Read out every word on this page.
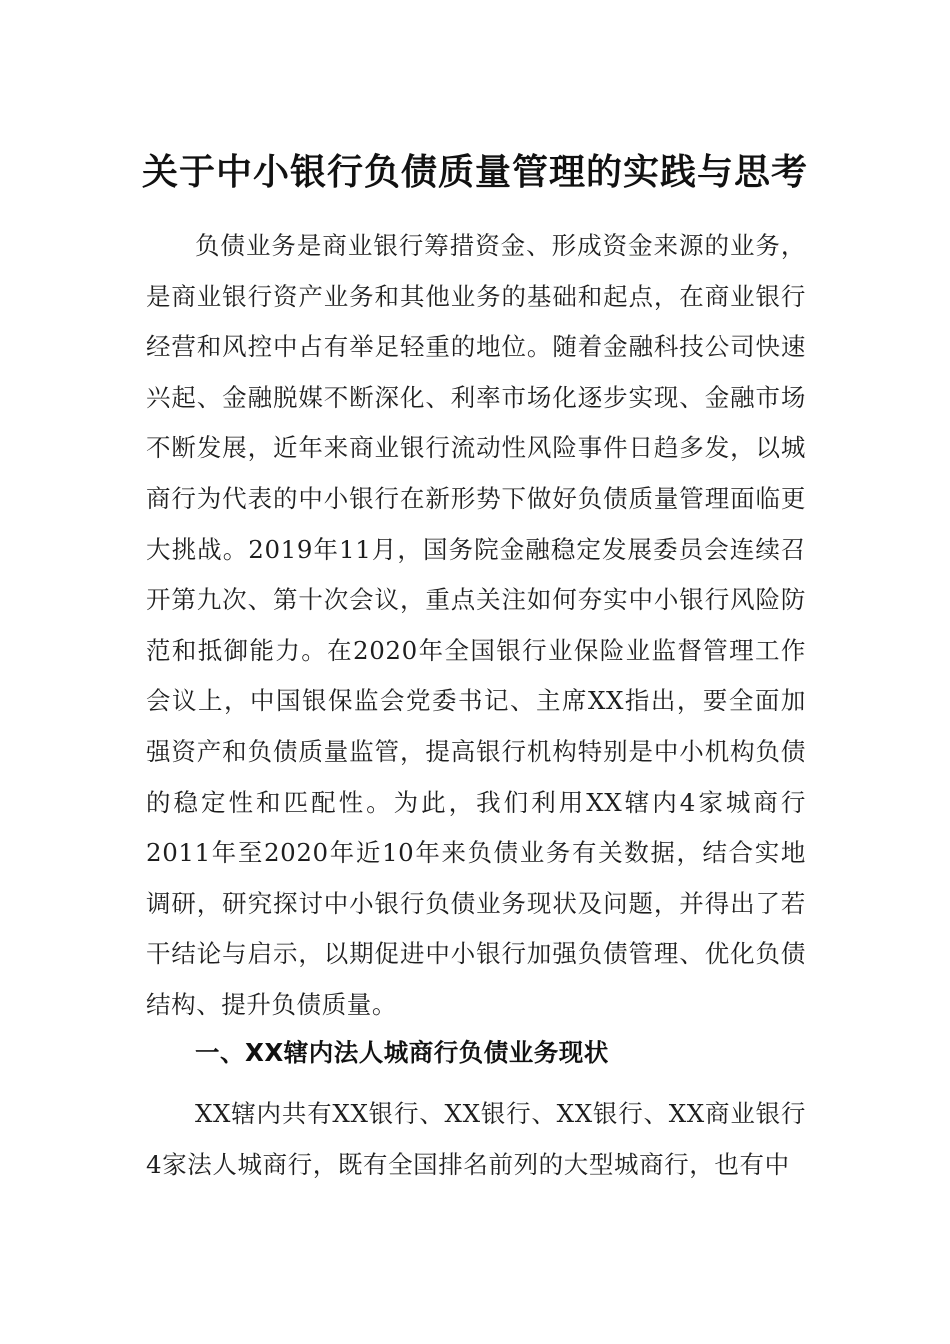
关于中小银行负债质量管理的实践与思考

负债业务是商业银行筹措资金、形成资金来源的业务，是商业银行资产业务和其他业务的基础和起点，在商业银行经营和风控中占有举足轻重的地位。随着金融科技公司快速兴起、金融脱媒不断深化、利率市场化逐步实现、金融市场不断发展，近年来商业银行流动性风险事件日趋多发，以城商行为代表的中小银行在新形势下做好负债质量管理面临更大挑战。2019年11月，国务院金融稳定发展委员会连续召开第九次、第十次会议，重点关注如何夯实中小银行风险防范和抵御能力。在2020年全国银行业保险业监督管理工作会议上，中国银保监会党委书记、主席XX指出，要全面加强资产和负债质量监管，提高银行机构特别是中小机构负债的稳定性和匹配性。为此，我们利用XX辖内4家城商行2011年至2020年近10年来负债业务有关数据，结合实地调研，研究探讨中小银行负债业务现状及问题，并得出了若干结论与启示，以期促进中小银行加强负债管理、优化负债结构、提升负债质量。

一、XX辖内法人城商行负债业务现状

XX辖内共有XX银行、XX银行、XX银行、XX商业银行4家法人城商行，既有全国排名前列的大型城商行，也有中
